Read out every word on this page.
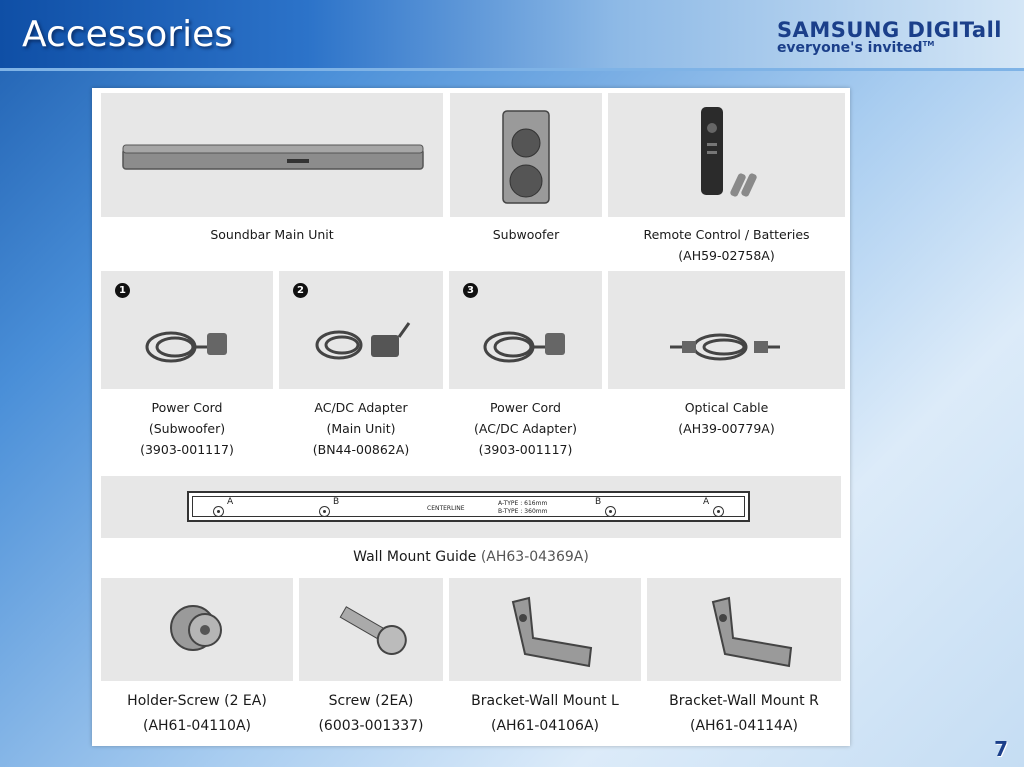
Accessories	SAMSUNG DIGITall
everyone's invited™
Soundbar Main Unit	Subwoofer	Remote Control / Batteries
(AH59-02758A)
1	2	3
Power Cord
(Subwoofer)
(3903-001117)
AC/DC Adapter
(Main Unit)
(BN44-00862A)
Power Cord
(AC/DC Adapter)
(3903-001117)
Optical Cable
(AH39-00779A)
A	B
CENTERLINE
A-TYPE : 616mm
B-TYPE : 360mm
B	A
Wall Mount Guide (AH63-04369A)
Holder-Screw (2 EA)
(AH61-04110A)
Screw (2EA)
(6003-001337)
Bracket-Wall Mount L
(AH61-04106A)
Bracket-Wall Mount R
(AH61-04114A)
7
